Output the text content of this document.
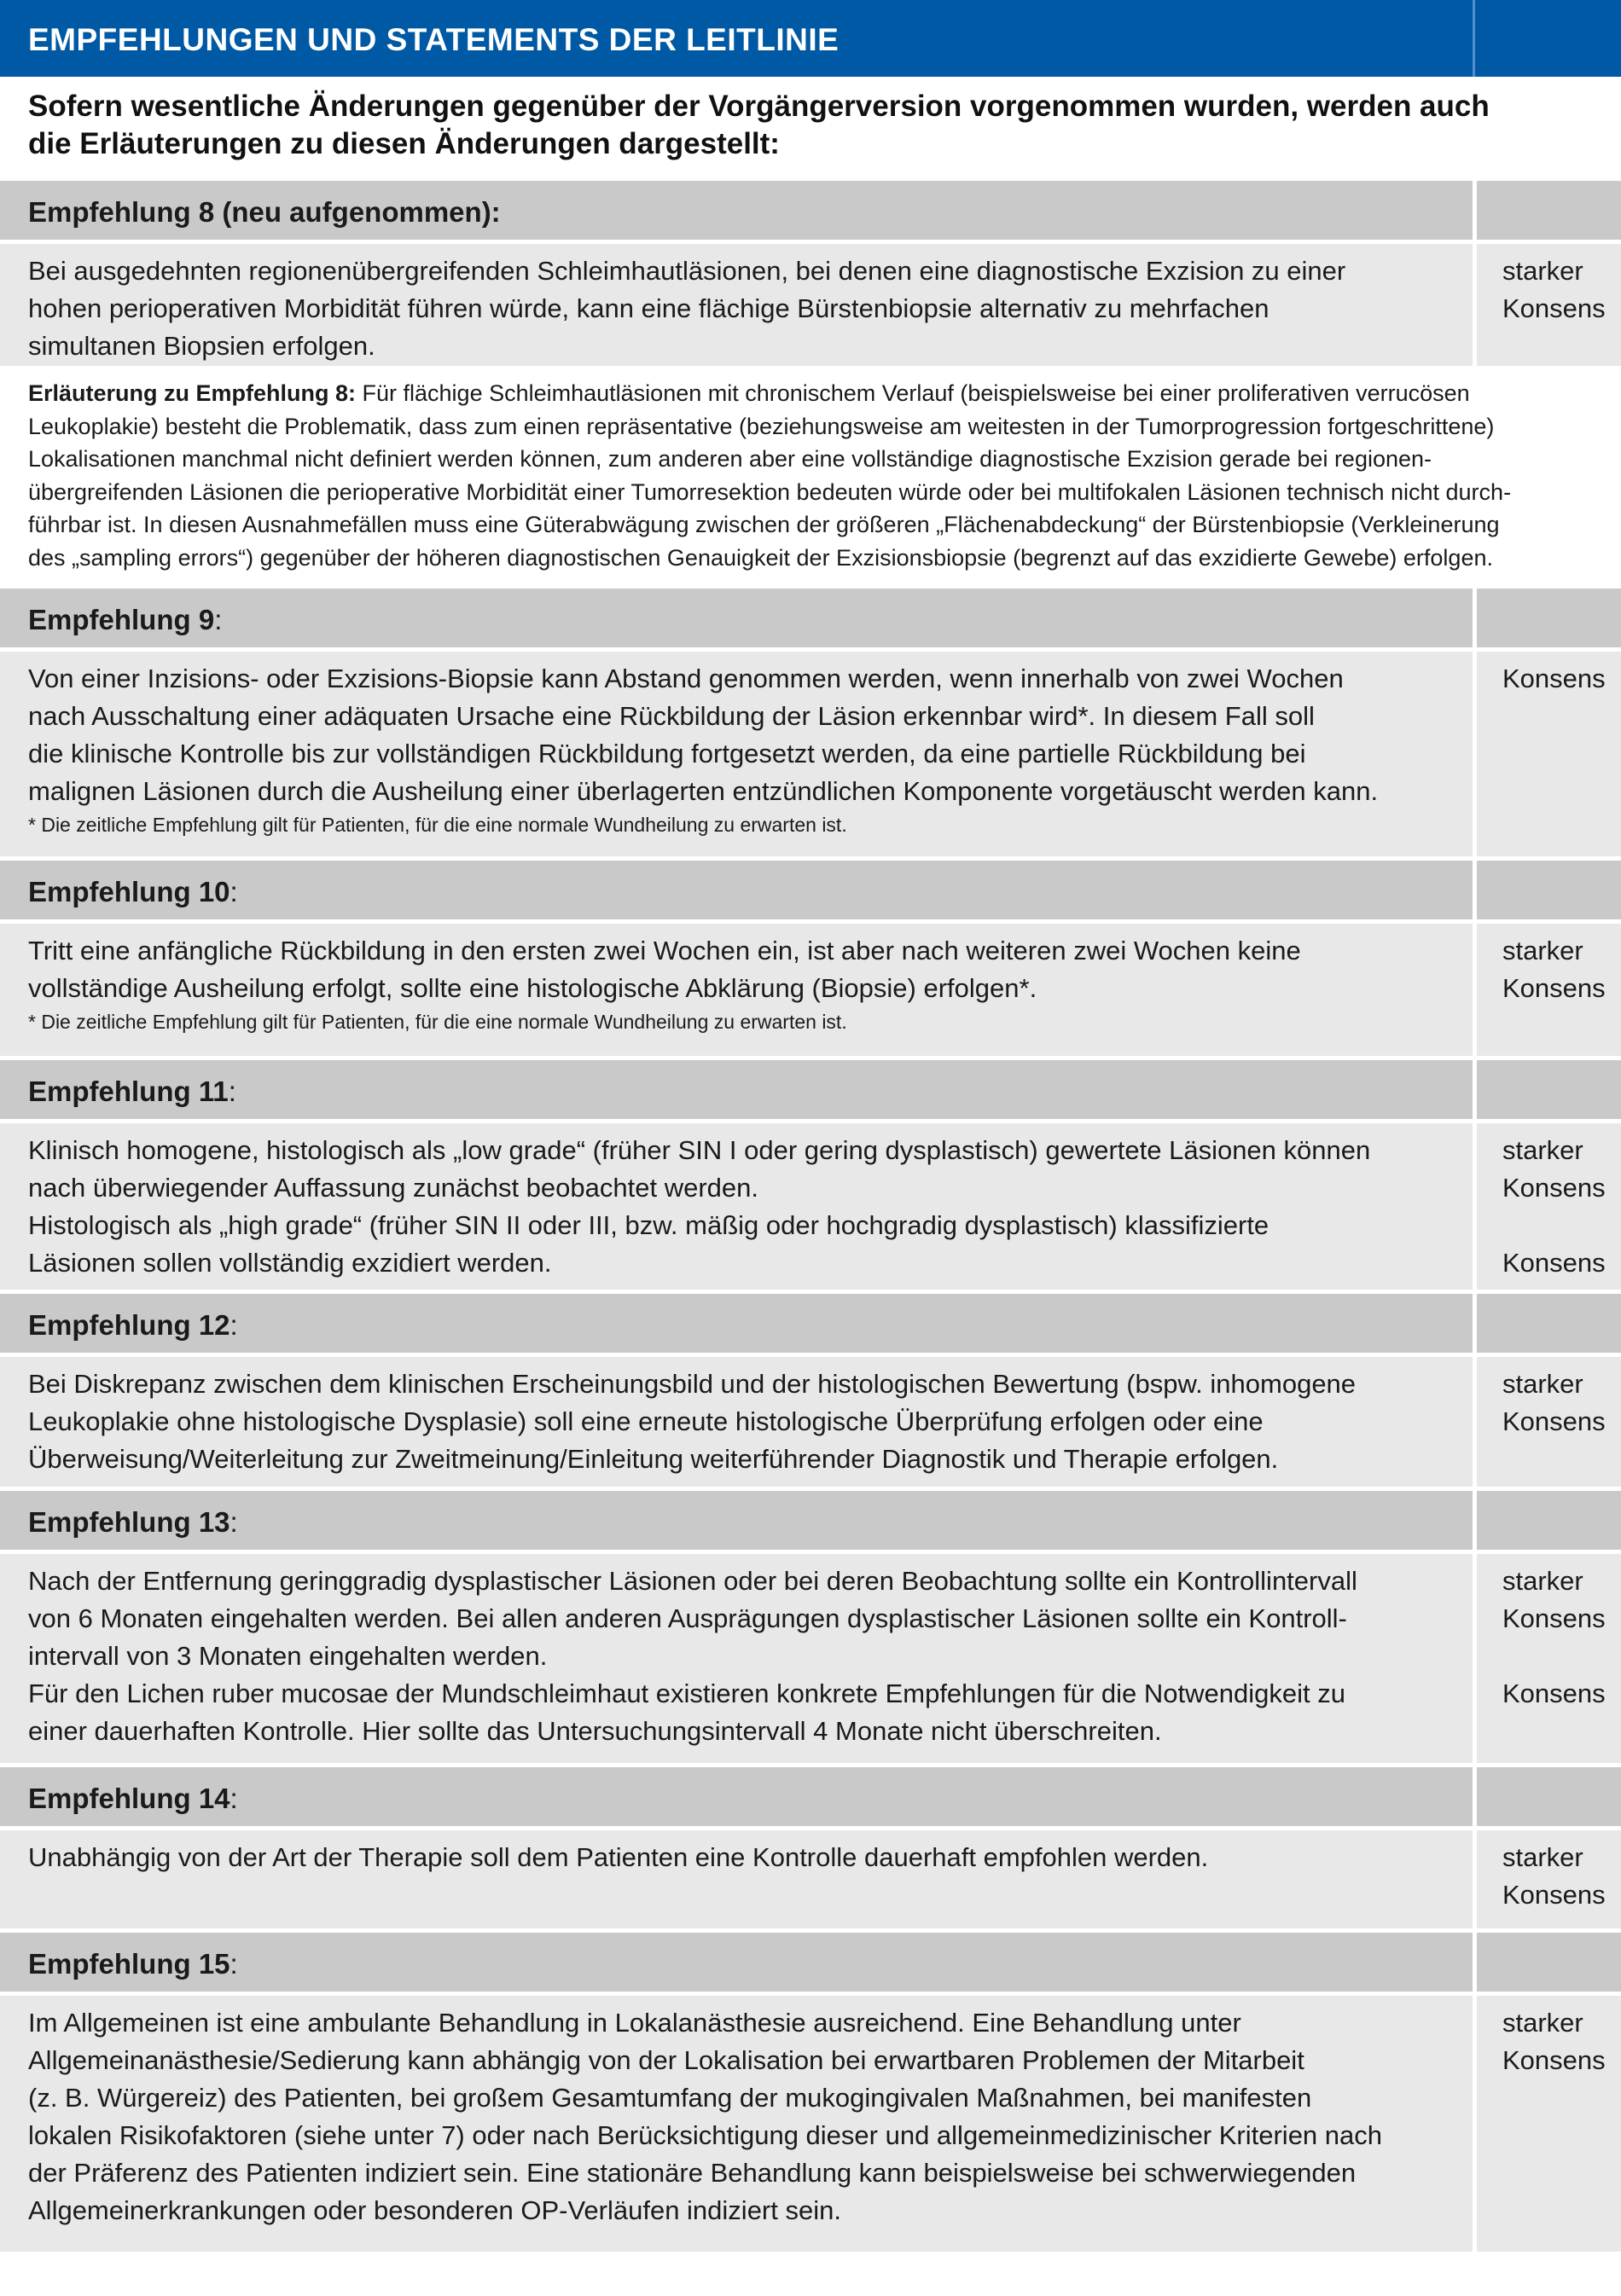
EMPFEHLUNGEN UND STATEMENTS DER LEITLINIE
Sofern wesentliche Änderungen gegenüber der Vorgängerversion vorgenommen wurden, werden auch
die Erläuterungen zu diesen Änderungen dargestellt:
Empfehlung 8 (neu aufgenommen):
Bei ausgedehnten regionenübergreifenden Schleimhautläsionen, bei denen eine diagnostische Exzision zu einer
hohen perioperativen Morbidität führen würde, kann eine flächige Bürstenbiopsie alternativ zu mehrfachen
simultanen Biopsien erfolgen.
starker
Konsens
Erläuterung zu Empfehlung 8: Für flächige Schleimhautläsionen mit chronischem Verlauf (beispielsweise bei einer proliferativen verrucösen
Leukoplakie) besteht die Problematik, dass zum einen repräsentative (beziehungsweise am weitesten in der Tumorprogression fortgeschrittene)
Lokalisationen manchmal nicht definiert werden können, zum anderen aber eine vollständige diagnostische Exzision gerade bei regionen-
übergreifenden Läsionen die perioperative Morbidität einer Tumorresektion bedeuten würde oder bei multifokalen Läsionen technisch nicht durch-
führbar ist. In diesen Ausnahmefällen muss eine Güterabwägung zwischen der größeren „Flächenabdeckung“ der Bürstenbiopsie (Verkleinerung
des „sampling errors“) gegenüber der höheren diagnostischen Genauigkeit der Exzisionsbiopsie (begrenzt auf das exzidierte Gewebe) erfolgen.
Empfehlung 9:
Von einer Inzisions- oder Exzisions-Biopsie kann Abstand genommen werden, wenn innerhalb von zwei Wochen
nach Ausschaltung einer adäquaten Ursache eine Rückbildung der Läsion erkennbar wird*. In diesem Fall soll
die klinische Kontrolle bis zur vollständigen Rückbildung fortgesetzt werden, da eine partielle Rückbildung bei
malignen Läsionen durch die Ausheilung einer überlagerten entzündlichen Komponente vorgetäuscht werden kann.
* Die zeitliche Empfehlung gilt für Patienten, für die eine normale Wundheilung zu erwarten ist.
Konsens
Empfehlung 10:
Tritt eine anfängliche Rückbildung in den ersten zwei Wochen ein, ist aber nach weiteren zwei Wochen keine
vollständige Ausheilung erfolgt, sollte eine histologische Abklärung (Biopsie) erfolgen*.
* Die zeitliche Empfehlung gilt für Patienten, für die eine normale Wundheilung zu erwarten ist.
starker
Konsens
Empfehlung 11:
Klinisch homogene, histologisch als „low grade“ (früher SIN I oder gering dysplastisch) gewertete Läsionen können
nach überwiegender Auffassung zunächst beobachtet werden.
Histologisch als „high grade“ (früher SIN II oder III, bzw. mäßig oder hochgradig dysplastisch) klassifizierte
Läsionen sollen vollständig exzidiert werden.
starker
Konsens
Konsens
Empfehlung 12:
Bei Diskrepanz zwischen dem klinischen Erscheinungsbild und der histologischen Bewertung (bspw. inhomogene
Leukoplakie ohne histologische Dysplasie) soll eine erneute histologische Überprüfung erfolgen oder eine
Überweisung/Weiterleitung zur Zweitmeinung/Einleitung weiterführender Diagnostik und Therapie erfolgen.
starker
Konsens
Empfehlung 13:
Nach der Entfernung geringgradig dysplastischer Läsionen oder bei deren Beobachtung sollte ein Kontrollintervall
von 6 Monaten eingehalten werden. Bei allen anderen Ausprägungen dysplastischer Läsionen sollte ein Kontroll-
intervall von 3 Monaten eingehalten werden.
Für den Lichen ruber mucosae der Mundschleimhaut existieren konkrete Empfehlungen für die Notwendigkeit zu
einer dauerhaften Kontrolle. Hier sollte das Untersuchungsintervall 4 Monate nicht überschreiten.
starker
Konsens
Konsens
Empfehlung 14:
Unabhängig von der Art der Therapie soll dem Patienten eine Kontrolle dauerhaft empfohlen werden.	starker
Konsens
Empfehlung 15:
Im Allgemeinen ist eine ambulante Behandlung in Lokalanästhesie ausreichend. Eine Behandlung unter
Allgemeinanästhesie/Sedierung kann abhängig von der Lokalisation bei erwartbaren Problemen der Mitarbeit
(z. B. Würgereiz) des Patienten, bei großem Gesamtumfang der mukogingivalen Maßnahmen, bei manifesten
lokalen Risikofaktoren (siehe unter 7) oder nach Berücksichtigung dieser und allgemeinmedizinischer Kriterien nach
der Präferenz des Patienten indiziert sein. Eine stationäre Behandlung kann beispielsweise bei schwerwiegenden
Allgemeinerkrankungen oder besonderen OP-Verläufen indiziert sein.
starker
Konsens
